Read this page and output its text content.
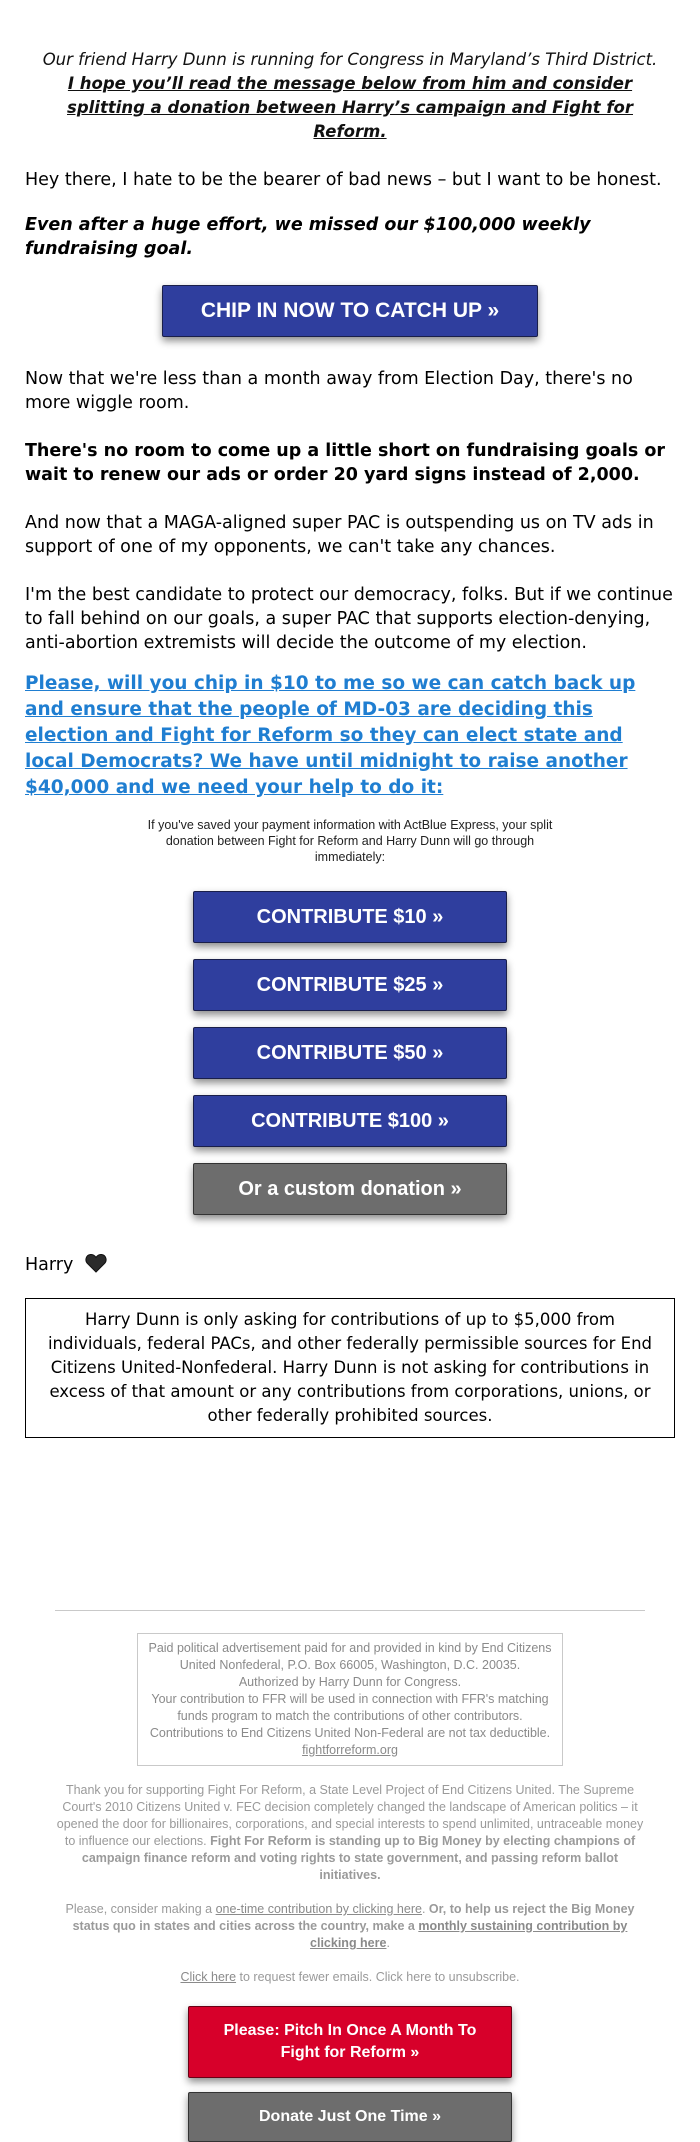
Our friend Harry Dunn is running for Congress in Maryland’s Third District. I hope you’ll read the message below from him and consider splitting a donation between Harry’s campaign and Fight for Reform.

Hey there, I hate to be the bearer of bad news – but I want to be honest.

Even after a huge effort, we missed our $100,000 weekly fundraising goal.

CHIP IN NOW TO CATCH UP »

Now that we're less than a month away from Election Day, there's no more wiggle room.

There's no room to come up a little short on fundraising goals or wait to renew our ads or order 20 yard signs instead of 2,000.

And now that a MAGA-aligned super PAC is outspending us on TV ads in support of one of my opponents, we can't take any chances.

I'm the best candidate to protect our democracy, folks. But if we continue to fall behind on our goals, a super PAC that supports election-denying, anti-abortion extremists will decide the outcome of my election.

Please, will you chip in $10 to me so we can catch back up and ensure that the people of MD-03 are deciding this election and Fight for Reform so they can elect state and local Democrats? We have until midnight to raise another $40,000 and we need your help to do it:

If you've saved your payment information with ActBlue Express, your split donation between Fight for Reform and Harry Dunn will go through immediately:

CONTRIBUTE $10 »
CONTRIBUTE $25 »
CONTRIBUTE $50 »
CONTRIBUTE $100 »
Or a custom donation »

Harry

Harry Dunn is only asking for contributions of up to $5,000 from individuals, federal PACs, and other federally permissible sources for End Citizens United-Nonfederal. Harry Dunn is not asking for contributions in excess of that amount or any contributions from corporations, unions, or other federally prohibited sources.
Paid political advertisement paid for and provided in kind by End Citizens United Nonfederal, P.O. Box 66005, Washington, D.C. 20035.
Authorized by Harry Dunn for Congress.
Your contribution to FFR will be used in connection with FFR's matching funds program to match the contributions of other contributors.
Contributions to End Citizens United Non-Federal are not tax deductible.
fightforreform.org

Thank you for supporting Fight For Reform, a State Level Project of End Citizens United. The Supreme Court's 2010 Citizens United v. FEC decision completely changed the landscape of American politics – it opened the door for billionaires, corporations, and special interests to spend unlimited, untraceable money to influence our elections. Fight For Reform is standing up to Big Money by electing champions of campaign finance reform and voting rights to state government, and passing reform ballot initiatives.

Please, consider making a one-time contribution by clicking here. Or, to help us reject the Big Money status quo in states and cities across the country, make a monthly sustaining contribution by clicking here.

Click here to request fewer emails. Click here to unsubscribe.

Please: Pitch In Once A Month To Fight for Reform »
Donate Just One Time »
